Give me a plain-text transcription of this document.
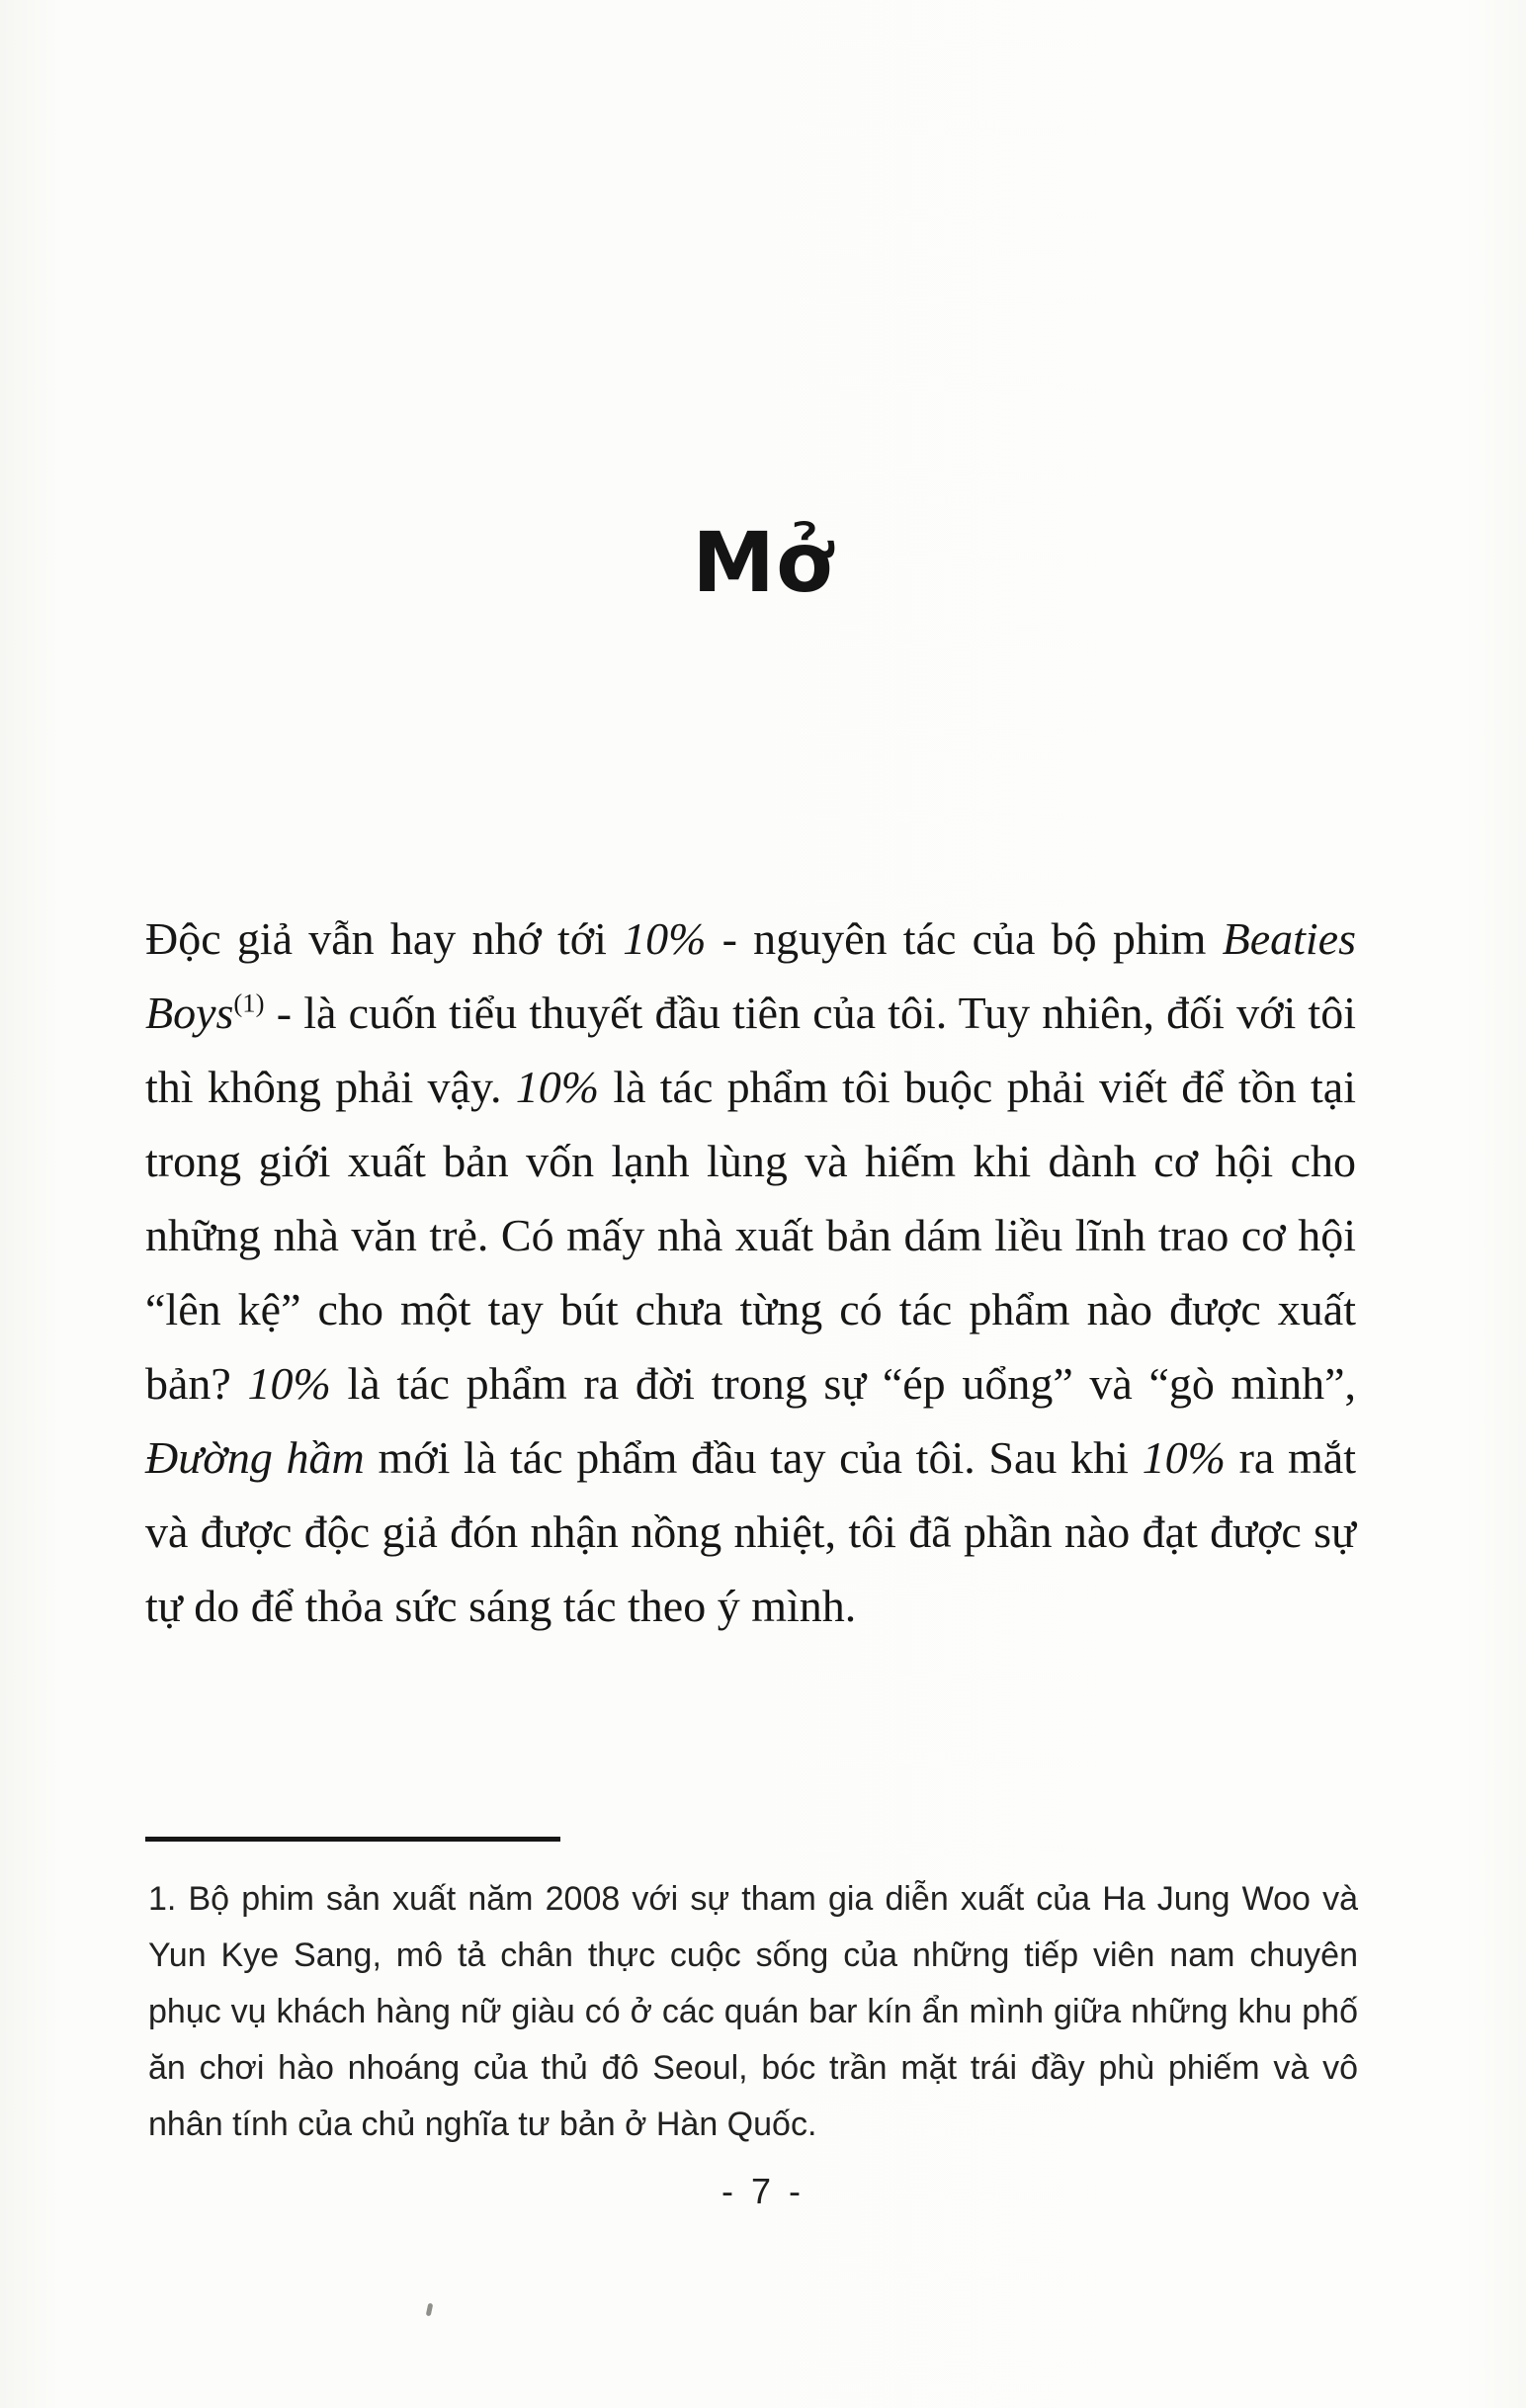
Mở

Độc giả vẫn hay nhớ tới 10% - nguyên tác của bộ phim Beaties Boys$^{(1)}$ - là cuốn tiểu thuyết đầu tiên của tôi. Tuy nhiên, đối với tôi thì không phải vậy. 10% là tác phẩm tôi buộc phải viết để tồn tại trong giới xuất bản vốn lạnh lùng và hiếm khi dành cơ hội cho những nhà văn trẻ. Có mấy nhà xuất bản dám liều lĩnh trao cơ hội “lên kệ” cho một tay bút chưa từng có tác phẩm nào được xuất bản? 10% là tác phẩm ra đời trong sự “ép uổng” và “gò mình”, Đường hầm mới là tác phẩm đầu tay của tôi. Sau khi 10% ra mắt và được độc giả đón nhận nồng nhiệt, tôi đã phần nào đạt được sự tự do để thỏa sức sáng tác theo ý mình.

1. Bộ phim sản xuất năm 2008 với sự tham gia diễn xuất của Ha Jung Woo và Yun Kye Sang, mô tả chân thực cuộc sống của những tiếp viên nam chuyên phục vụ khách hàng nữ giàu có ở các quán bar kín ẩn mình giữa những khu phố ăn chơi hào nhoáng của thủ đô Seoul, bóc trần mặt trái đầy phù phiếm và vô nhân tính của chủ nghĩa tư bản ở Hàn Quốc.

- 7 -
